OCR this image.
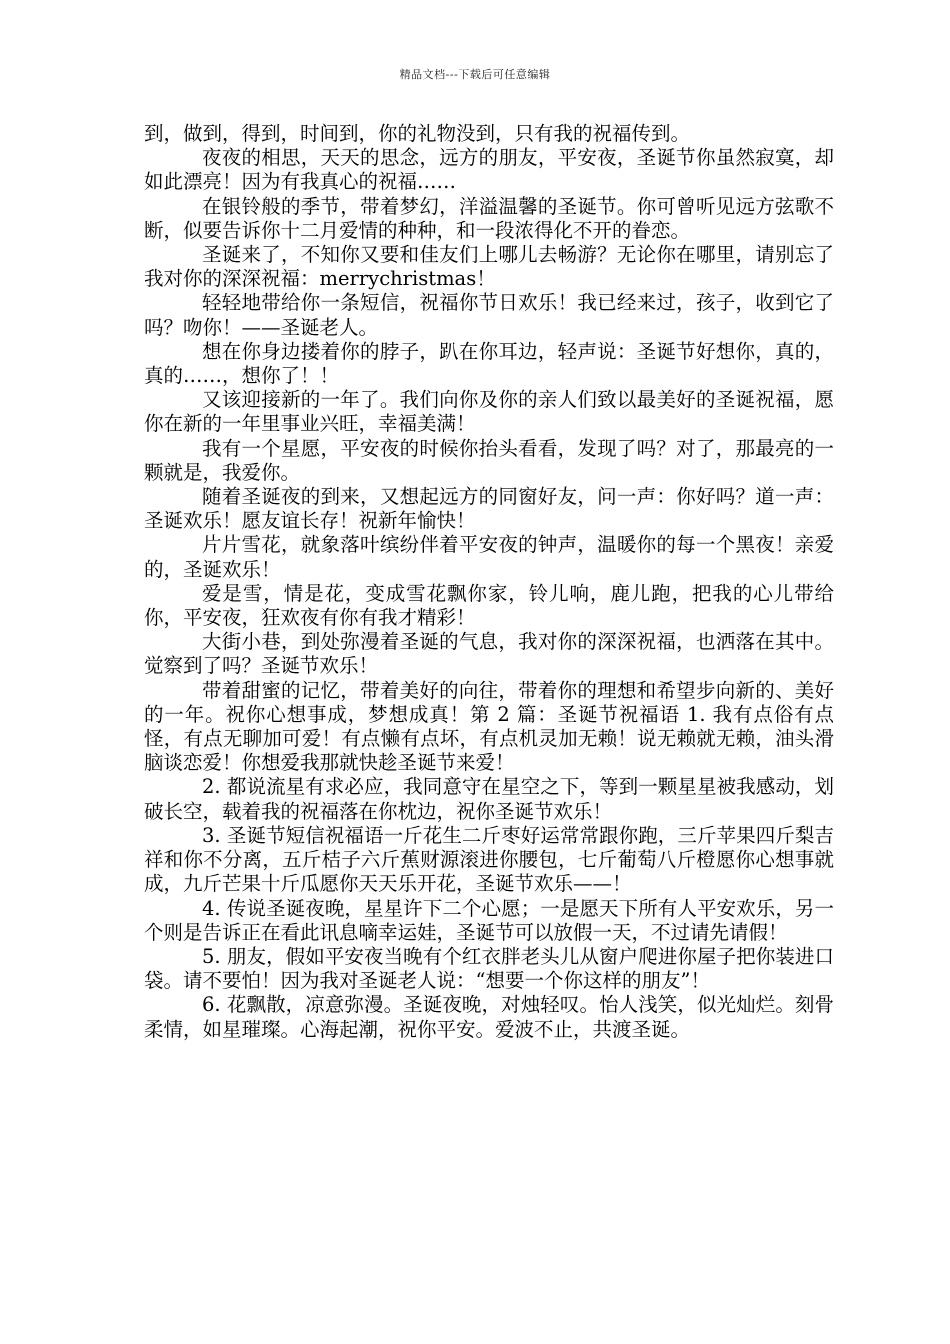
精品文档---下载后可任意编辑

到，做到，得到，时间到，你的礼物没到，只有我的祝福传到。

夜夜的相思，天天的思念，远方的朋友，平安夜，圣诞节你虽然寂寞，却如此漂亮！因为有我真心的祝福……

在银铃般的季节，带着梦幻，洋溢温馨的圣诞节。你可曾听见远方弦歌不断，似要告诉你十二月爱情的种种，和一段浓得化不开的眷恋。

圣诞来了，不知你又要和佳友们上哪儿去畅游？无论你在哪里，请别忘了我对你的深深祝福：merrychristmas！

轻轻地带给你一条短信，祝福你节日欢乐！我已经来过，孩子，收到它了吗？吻你！——圣诞老人。

想在你身边搂着你的脖子，趴在你耳边，轻声说：圣诞节好想你，真的，真的……，想你了！！

又该迎接新的一年了。我们向你及你的亲人们致以最美好的圣诞祝福，愿你在新的一年里事业兴旺，幸福美满！

我有一个星愿，平安夜的时候你抬头看看，发现了吗？对了，那最亮的一颗就是，我爱你。

随着圣诞夜的到来，又想起远方的同窗好友，问一声：你好吗？道一声：圣诞欢乐！愿友谊长存！祝新年愉快！

片片雪花，就象落叶缤纷伴着平安夜的钟声，温暖你的每一个黑夜！亲爱的，圣诞欢乐！

爱是雪，情是花，变成雪花飘你家，铃儿响，鹿儿跑，把我的心儿带给你，平安夜，狂欢夜有你有我才精彩！

大街小巷，到处弥漫着圣诞的气息，我对你的深深祝福，也洒落在其中。觉察到了吗？圣诞节欢乐！

带着甜蜜的记忆，带着美好的向往，带着你的理想和希望步向新的、美好的一年。祝你心想事成，梦想成真！第 2 篇：圣诞节祝福语 1. 我有点俗有点怪，有点无聊加可爱！有点懒有点坏，有点机灵加无赖！说无赖就无赖，油头滑脑谈恋爱！你想爱我那就快趁圣诞节来爱！

2. 都说流星有求必应，我同意守在星空之下，等到一颗星星被我感动，划破长空，载着我的祝福落在你枕边，祝你圣诞节欢乐！

3. 圣诞节短信祝福语一斤花生二斤枣好运常常跟你跑，三斤苹果四斤梨吉祥和你不分离，五斤桔子六斤蕉财源滚进你腰包，七斤葡萄八斤橙愿你心想事就成，九斤芒果十斤瓜愿你天天乐开花，圣诞节欢乐——！

4. 传说圣诞夜晚，星星许下二个心愿；一是愿天下所有人平安欢乐，另一个则是告诉正在看此讯息嘀幸运娃，圣诞节可以放假一天，不过请先请假！

5. 朋友，假如平安夜当晚有个红衣胖老头儿从窗户爬进你屋子把你装进口袋。请不要怕！因为我对圣诞老人说：“想要一个你这样的朋友”！

6. 花飘散，凉意弥漫。圣诞夜晚，对烛轻叹。怡人浅笑，似光灿烂。刻骨柔情，如星璀璨。心海起潮，祝你平安。爱波不止，共渡圣诞。
